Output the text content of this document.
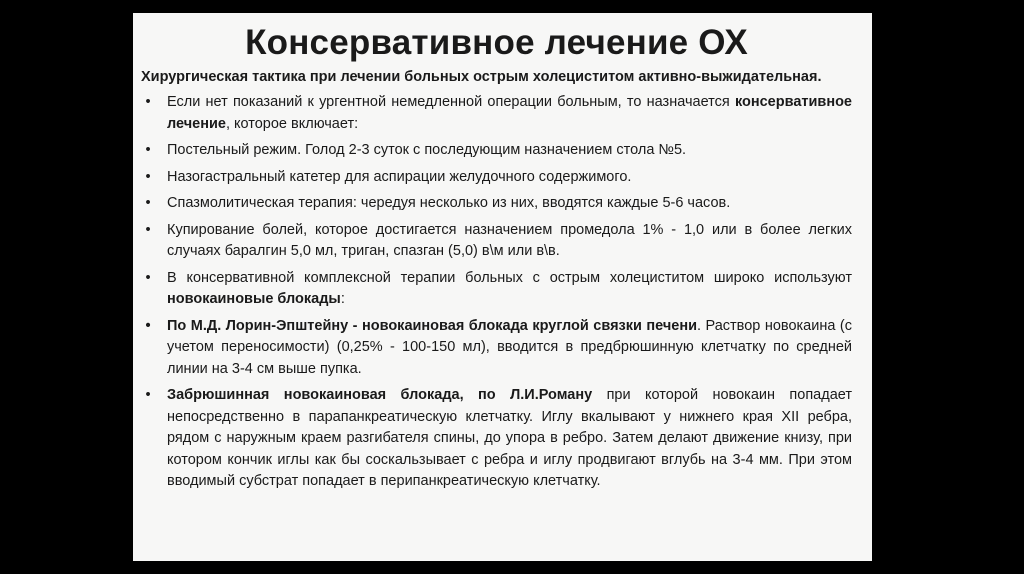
Консервативное лечение ОХ
Хирургическая тактика при лечении больных острым холециститом активно-выжидательная.
•	Если нет показаний к ургентной немедленной операции больным, то назначается консервативное лечение, которое включает:
•	Постельный режим. Голод 2-3 суток с последующим назначением стола №5.
•	Назогастральный катетер для аспирации желудочного содержимого.
•	Спазмолитическая терапия: чередуя несколько из них, вводятся каждые 5-6 часов.
•	Купирование болей, которое достигается назначением промедола 1% - 1,0 или в более легких случаях баралгин 5,0 мл, триган, спазган (5,0) в\м или в\в.
•	В консервативной комплексной терапии больных с острым холециститом широко используют новокаиновые блокады:
•	По М.Д. Лорин-Эпштейну - новокаиновая блокада круглой связки печени. Раствор новокаина (с учетом переносимости) (0,25% - 100-150 мл), вводится в предбрюшинную клетчатку по средней линии на 3-4 см выше пупка.
•	Забрюшинная новокаиновая блокада, по Л.И.Роману при которой новокаин попадает непосредственно в парапанкреатическую клетчатку. Иглу вкалывают у нижнего края XII ребра, рядом с наружным краем разгибателя спины, до упора в ребро. Затем делают движение книзу, при котором кончик иглы как бы соскальзывает с ребра и иглу продвигают вглубь на 3-4 мм. При этом вводимый субстрат попадает в перипанкреатическую клетчатку.
